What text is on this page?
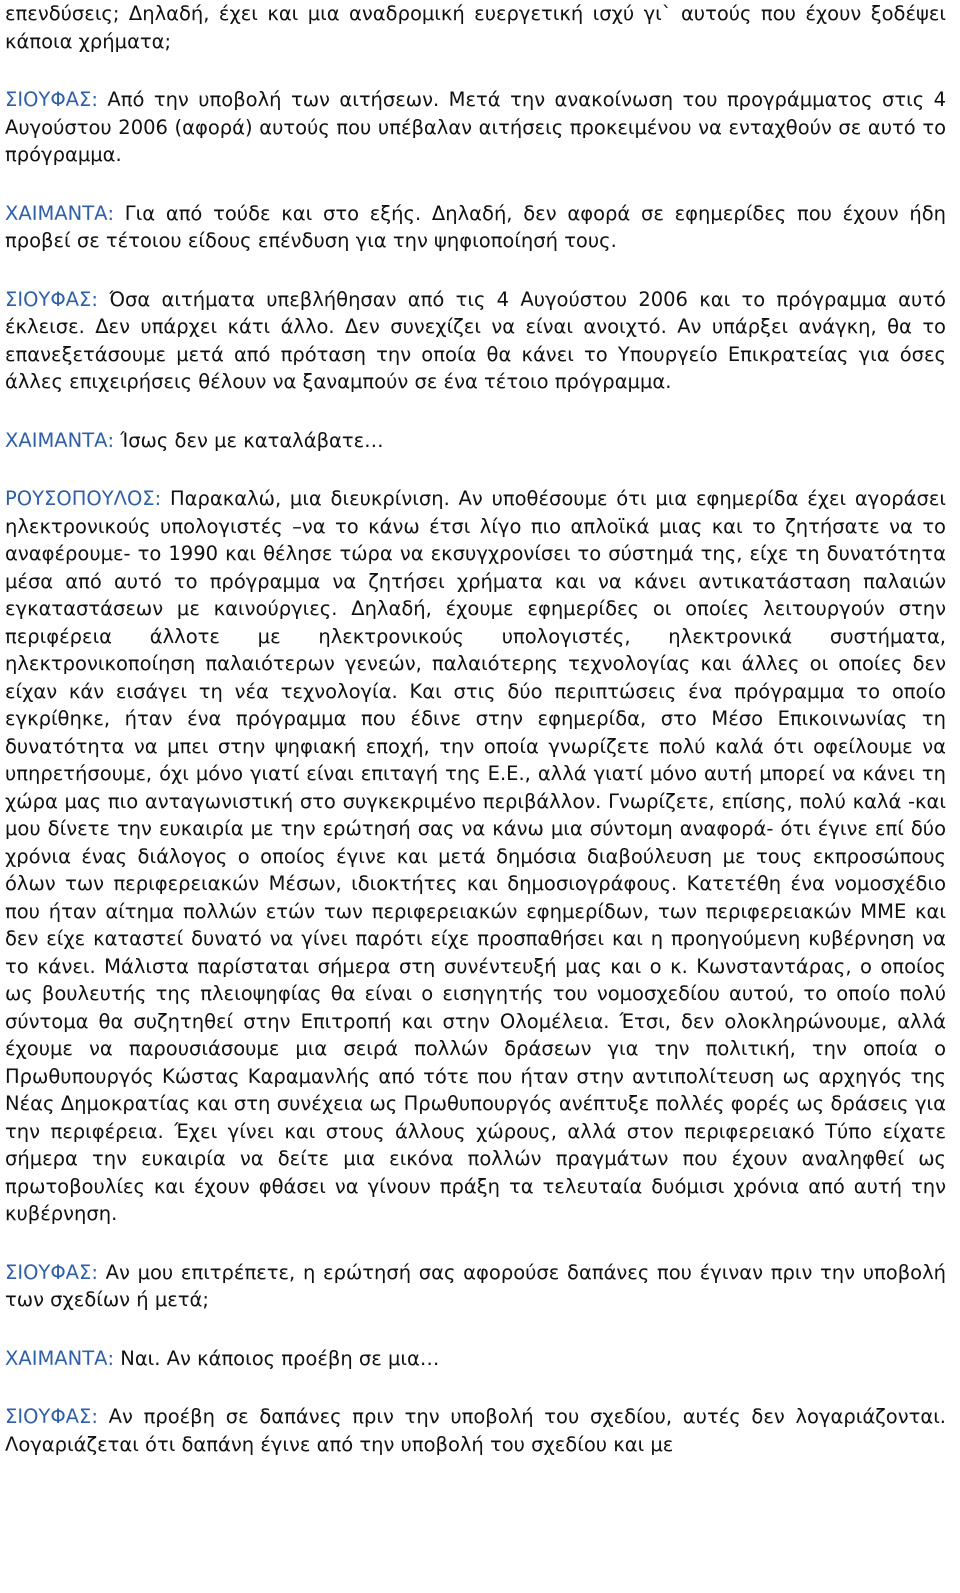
επενδύσεις; Δηλαδή, έχει και μια αναδρομική ευεργετική ισχύ γι` αυτούς που έχουν ξοδέψει κάποια χρήματα;

ΣΙΟΥΦΑΣ: Από την υποβολή των αιτήσεων. Μετά την ανακοίνωση του προγράμματος στις 4 Αυγούστου 2006 (αφορά) αυτούς που υπέβαλαν αιτήσεις προκειμένου να ενταχθούν σε αυτό το πρόγραμμα.

ΧΑΙΜΑΝΤΑ: Για από τούδε και στο εξής. Δηλαδή, δεν αφορά σε εφημερίδες που έχουν ήδη προβεί σε τέτοιου είδους επένδυση για την ψηφιοποίησή τους.

ΣΙΟΥΦΑΣ: Όσα αιτήματα υπεβλήθησαν από τις 4 Αυγούστου 2006 και το πρόγραμμα αυτό έκλεισε. Δεν υπάρχει κάτι άλλο. Δεν συνεχίζει να είναι ανοιχτό. Αν υπάρξει ανάγκη, θα το επανεξετάσουμε μετά από πρόταση την οποία θα κάνει το Υπουργείο Επικρατείας για όσες άλλες επιχειρήσεις θέλουν να ξαναμπούν σε ένα τέτοιο πρόγραμμα.

ΧΑΙΜΑΝΤΑ: Ίσως δεν με καταλάβατε…

ΡΟΥΣΟΠΟΥΛΟΣ: Παρακαλώ, μια διευκρίνιση. Αν υποθέσουμε ότι μια εφημερίδα έχει αγοράσει ηλεκτρονικούς υπολογιστές –να το κάνω έτσι λίγο πιο απλοϊκά μιας και το ζητήσατε να το αναφέρουμε- το 1990 και θέλησε τώρα να εκσυγχρονίσει το σύστημά της, είχε τη δυνατότητα μέσα από αυτό το πρόγραμμα να ζητήσει χρήματα και να κάνει αντικατάσταση παλαιών εγκαταστάσεων με καινούργιες. Δηλαδή, έχουμε εφημερίδες οι οποίες λειτουργούν στην περιφέρεια άλλοτε με ηλεκτρονικούς υπολογιστές, ηλεκτρονικά συστήματα, ηλεκτρονικοποίηση παλαιότερων γενεών, παλαιότερης τεχνολογίας και άλλες οι οποίες δεν είχαν κάν εισάγει τη νέα τεχνολογία. Και στις δύο περιπτώσεις ένα πρόγραμμα το οποίο εγκρίθηκε, ήταν ένα πρόγραμμα που έδινε στην εφημερίδα, στο Μέσο Επικοινωνίας τη δυνατότητα να μπει στην ψηφιακή εποχή, την οποία γνωρίζετε πολύ καλά ότι οφείλουμε να υπηρετήσουμε, όχι μόνο γιατί είναι επιταγή της Ε.Ε., αλλά γιατί μόνο αυτή μπορεί να κάνει τη χώρα μας πιο ανταγωνιστική στο συγκεκριμένο περιβάλλον. Γνωρίζετε, επίσης, πολύ καλά -και μου δίνετε την ευκαιρία με την ερώτησή σας να κάνω μια σύντομη αναφορά- ότι έγινε επί δύο χρόνια ένας διάλογος ο οποίος έγινε και μετά δημόσια διαβούλευση με τους εκπροσώπους όλων των περιφερειακών Μέσων, ιδιοκτήτες και δημοσιογράφους. Κατετέθη ένα νομοσχέδιο που ήταν αίτημα πολλών ετών των περιφερειακών εφημερίδων, των περιφερειακών ΜΜΕ και δεν είχε καταστεί δυνατό να γίνει παρότι είχε προσπαθήσει και η προηγούμενη κυβέρνηση να το κάνει. Μάλιστα παρίσταται σήμερα στη συνέντευξή μας και ο κ. Κωνσταντάρας, ο οποίος ως βουλευτής της πλειοψηφίας θα είναι ο εισηγητής του νομοσχεδίου αυτού, το οποίο πολύ σύντομα θα συζητηθεί στην Επιτροπή και στην Ολομέλεια. Έτσι, δεν ολοκληρώνουμε, αλλά έχουμε να παρουσιάσουμε μια σειρά πολλών δράσεων για την πολιτική, την οποία ο Πρωθυπουργός Κώστας Καραμανλής από τότε που ήταν στην αντιπολίτευση ως αρχηγός της Νέας Δημοκρατίας και στη συνέχεια ως Πρωθυπουργός ανέπτυξε πολλές φορές ως δράσεις για την περιφέρεια. Έχει γίνει και στους άλλους χώρους, αλλά στον περιφερειακό Τύπο είχατε σήμερα την ευκαιρία να δείτε μια εικόνα πολλών πραγμάτων που έχουν αναληφθεί ως πρωτοβουλίες και έχουν φθάσει να γίνουν πράξη τα τελευταία δυόμισι χρόνια από αυτή την κυβέρνηση.

ΣΙΟΥΦΑΣ: Αν μου επιτρέπετε, η ερώτησή σας αφορούσε δαπάνες που έγιναν πριν την υποβολή των σχεδίων ή μετά;

ΧΑΙΜΑΝΤΑ: Ναι. Αν κάποιος προέβη σε μια…

ΣΙΟΥΦΑΣ: Αν προέβη σε δαπάνες πριν την υποβολή του σχεδίου, αυτές δεν λογαριάζονται. Λογαριάζεται ότι δαπάνη έγινε από την υποβολή του σχεδίου και με
